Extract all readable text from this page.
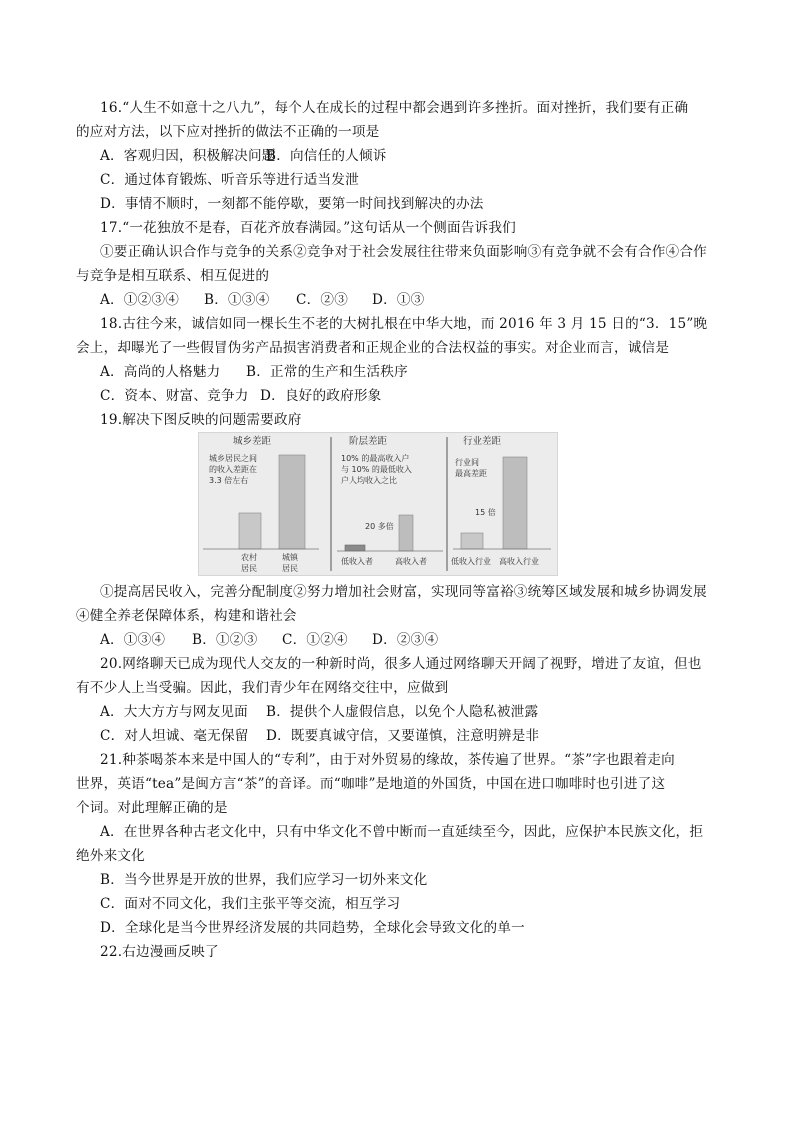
16.“人生不如意十之八九”，每个人在成长的过程中都会遇到许多挫折。面对挫折，我们要有正确
的应对方法，以下应对挫折的做法不正确的一项是
A．客观归因，积极解决问题
B．向信任的人倾诉
C．通过体育锻炼、听音乐等进行适当发泄
D．事情不顺时，一刻都不能停歇，要第一时间找到解决的办法
17.“一花独放不是春，百花齐放春满园。”这句话从一个侧面告诉我们
①要正确认识合作与竞争的关系②竞争对于社会发展往往带来负面影响③有竞争就不会有合作④合作
与竞争是相互联系、相互促进的
A．①②③④ B．①③④ C．②③ D．①③
18.古往今来，诚信如同一棵长生不老的大树扎根在中华大地，而 2016 年 3 月 15 日的“3．15”晚
会上，却曝光了一些假冒伪劣产品损害消费者和正规企业的合法权益的事实。对企业而言，诚信是
A．高尚的人格魅力 B．正常的生产和生活秩序
C．资本、财富、竞争力 D．良好的政府形象
19.解决下图反映的问题需要政府
城乡差距
城乡居民之间
的收入差距在
3.3 倍左右
农村
居民
城镇
居民
阶层差距
10% 的最高收入户
与 10% 的最低收入
户人均收入之比
20 多倍
低收入者	高收入者
行业差距
行业间
最高差距
15 倍
低收入行业 高收入行业
①提高居民收入，完善分配制度②努力增加社会财富，实现同等富裕③统筹区域发展和城乡协调发展
④健全养老保障体系，构建和谐社会
A．①③④ B．①②③ C．①②④ D．②③④
20.网络聊天已成为现代人交友的一种新时尚，很多人通过网络聊天开阔了视野，增进了友谊，但也
有不少人上当受骗。因此，我们青少年在网络交往中，应做到
A．大大方方与网友见面 B．提供个人虚假信息，以免个人隐私被泄露
C．对人坦诚、毫无保留 D．既要真诚守信，又要谨慎，注意明辨是非
21.种茶喝茶本来是中国人的“专利”，由于对外贸易的缘故，茶传遍了世界。“茶”字也跟着走向
世界，英语“tea”是闽方言“茶”的音译。而“咖啡”是地道的外国货，中国在进口咖啡时也引进了这
个词。对此理解正确的是
A．在世界各种古老文化中，只有中华文化不曾中断而一直延续至今，因此，应保护本民族文化，拒
绝外来文化
B．当今世界是开放的世界，我们应学习一切外来文化
C．面对不同文化，我们主张平等交流，相互学习
D．全球化是当今世界经济发展的共同趋势，全球化会导致文化的单一
22.右边漫画反映了
